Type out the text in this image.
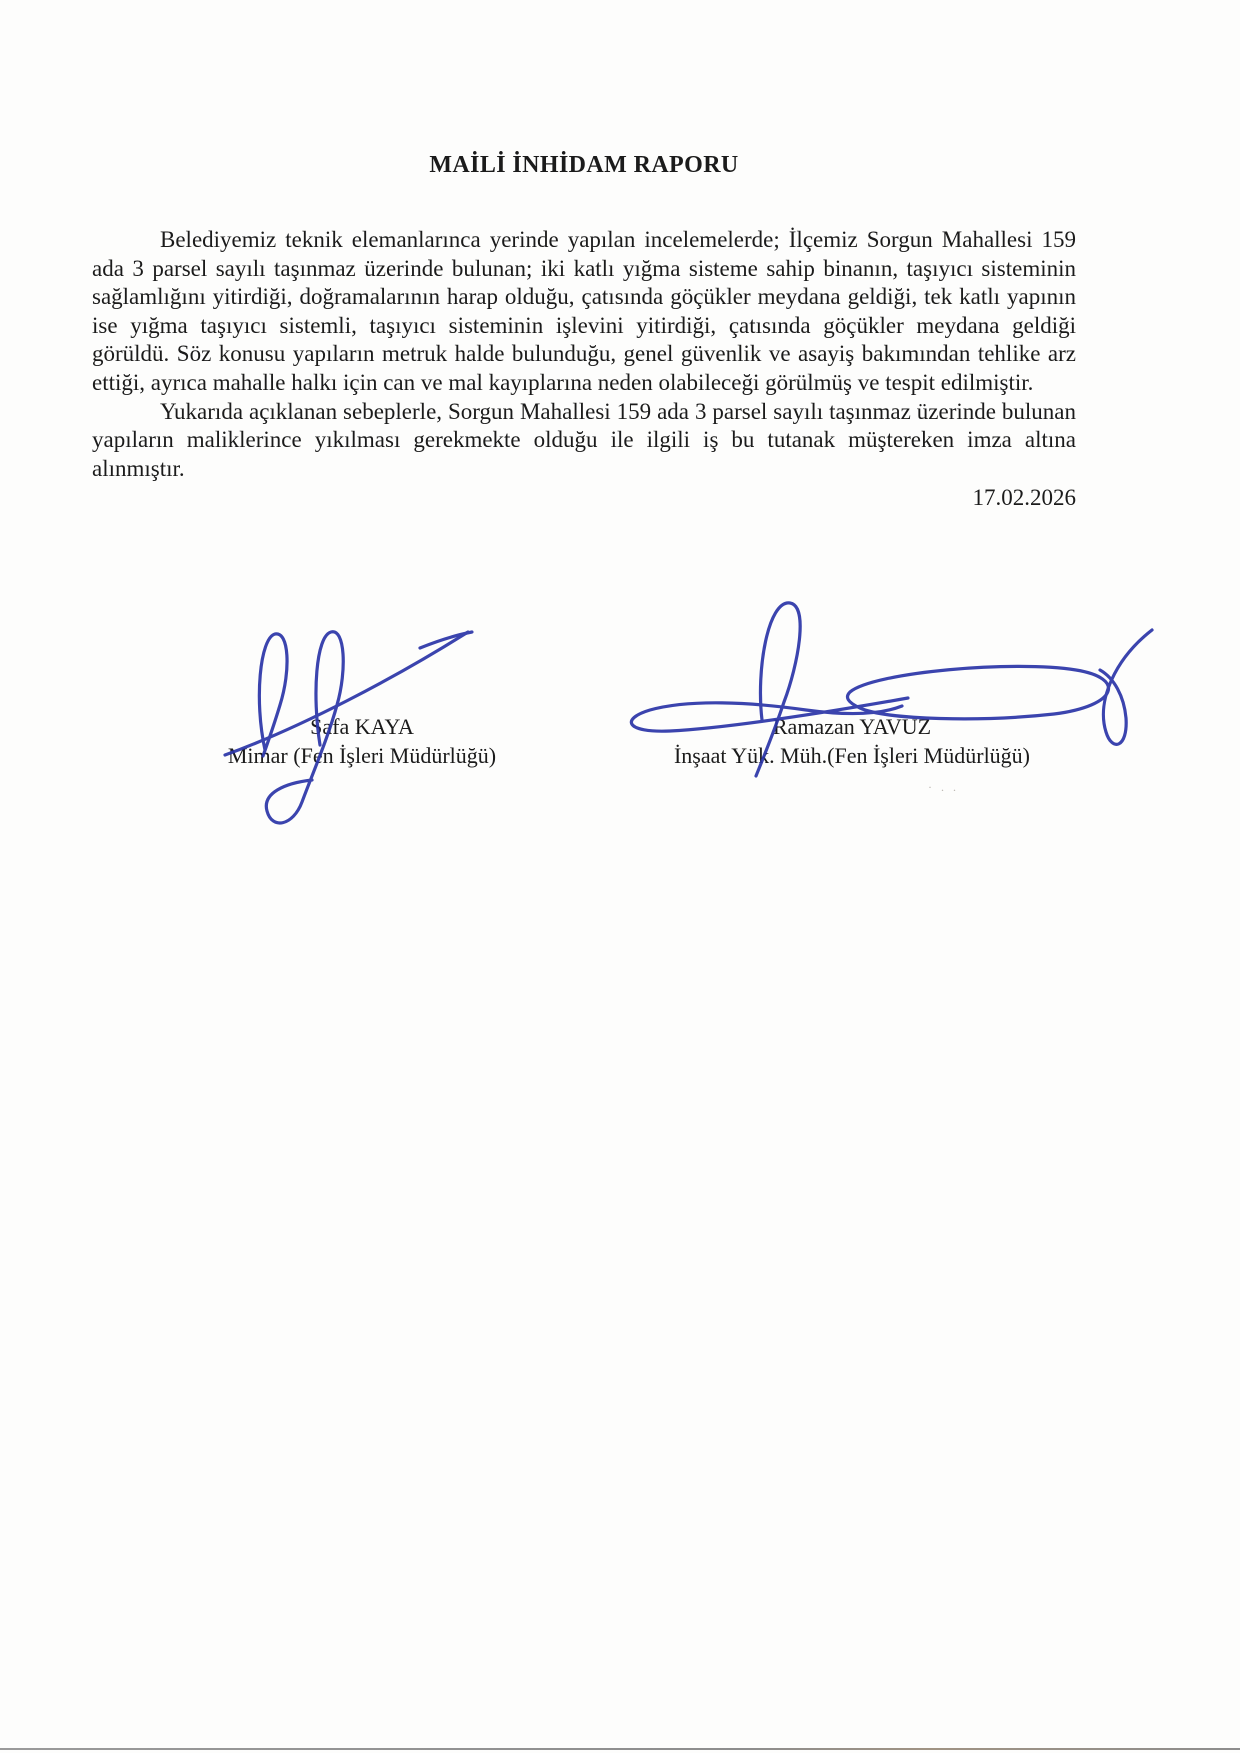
MAİLİ İNHİDAM RAPORU

Belediyemiz teknik elemanlarınca yerinde yapılan incelemelerde; İlçemiz Sorgun Mahallesi 159 ada 3 parsel sayılı taşınmaz üzerinde bulunan; iki katlı yığma sisteme sahip binanın, taşıyıcı sisteminin sağlamlığını yitirdiği, doğramalarının harap olduğu, çatısında göçükler meydana geldiği, tek katlı yapının ise yığma taşıyıcı sistemli, taşıyıcı sisteminin işlevini yitirdiği, çatısında göçükler meydana geldiği görüldü. Söz konusu yapıların metruk halde bulunduğu, genel güvenlik ve asayiş bakımından tehlike arz ettiği, ayrıca mahalle halkı için can ve mal kayıplarına neden olabileceği görülmüş ve tespit edilmiştir.

Yukarıda açıklanan sebeplerle, Sorgun Mahallesi 159 ada 3 parsel sayılı taşınmaz üzerinde bulunan yapıların maliklerince yıkılması gerekmekte olduğu ile ilgili iş bu tutanak müştereken imza altına alınmıştır.

17.02.2026
Safa KAYA
Mimar (Fen İşleri Müdürlüğü)
Ramazan YAVUZ
İnşaat Yük. Müh.(Fen İşleri Müdürlüğü)
· . .
